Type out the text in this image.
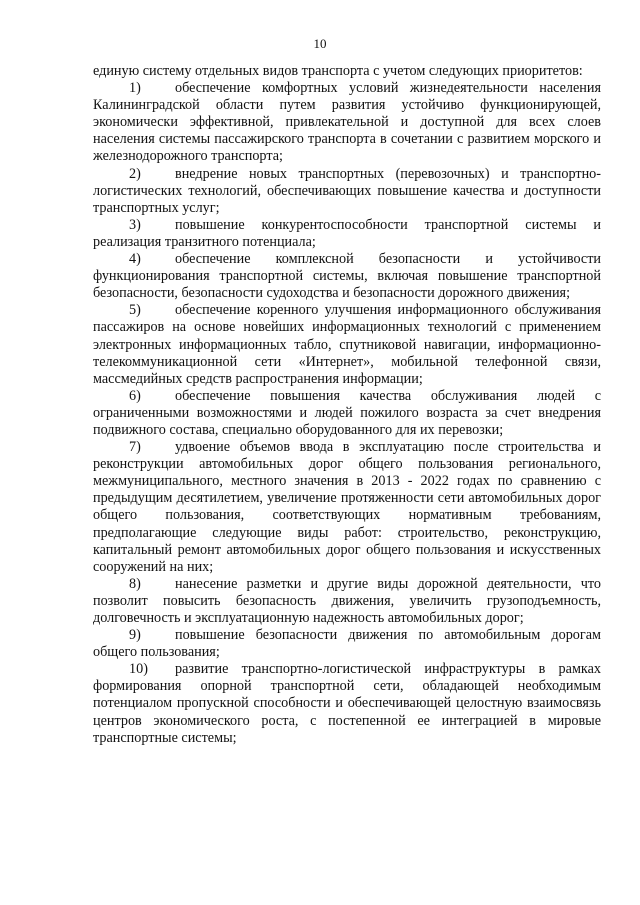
10

единую систему отдельных видов транспорта с учетом следующих приоритетов:

1) обеспечение комфортных условий жизнедеятельности населения Калининградской области путем развития устойчиво функционирующей, экономически эффективной, привлекательной и доступной для всех слоев населения системы пассажирского транспорта в сочетании с развитием морского и железнодорожного транспорта;

2) внедрение новых транспортных (перевозочных) и транспортно-логистических технологий, обеспечивающих повышение качества и доступности транспортных услуг;

3) повышение конкурентоспособности транспортной системы и реализация транзитного потенциала;

4) обеспечение комплексной безопасности и устойчивости функционирования транспортной системы, включая повышение транспортной безопасности, безопасности судоходства и безопасности дорожного движения;

5) обеспечение коренного улучшения информационного обслуживания пассажиров на основе новейших информационных технологий с применением электронных информационных табло, спутниковой навигации, информационно-телекоммуникационной сети «Интернет», мобильной телефонной связи, массмедийных средств распространения информации;

6) обеспечение повышения качества обслуживания людей с ограниченными возможностями и людей пожилого возраста за счет внедрения подвижного состава, специально оборудованного для их перевозки;

7) удвоение объемов ввода в эксплуатацию после строительства и реконструкции автомобильных дорог общего пользования регионального, межмуниципального, местного значения в 2013 - 2022 годах по сравнению с предыдущим десятилетием, увеличение протяженности сети автомобильных дорог общего пользования, соответствующих нормативным требованиям, предполагающие следующие виды работ: строительство, реконструкцию, капитальный ремонт автомобильных дорог общего пользования и искусственных сооружений на них;

8) нанесение разметки и другие виды дорожной деятельности, что позволит повысить безопасность движения, увеличить грузоподъемность, долговечность и эксплуатационную надежность автомобильных дорог;

9) повышение безопасности движения по автомобильным дорогам общего пользования;

10) развитие транспортно-логистической инфраструктуры в рамках формирования опорной транспортной сети, обладающей необходимым потенциалом пропускной способности и обеспечивающей целостную взаимосвязь центров экономического роста, с постепенной ее интеграцией в мировые транспортные системы;
